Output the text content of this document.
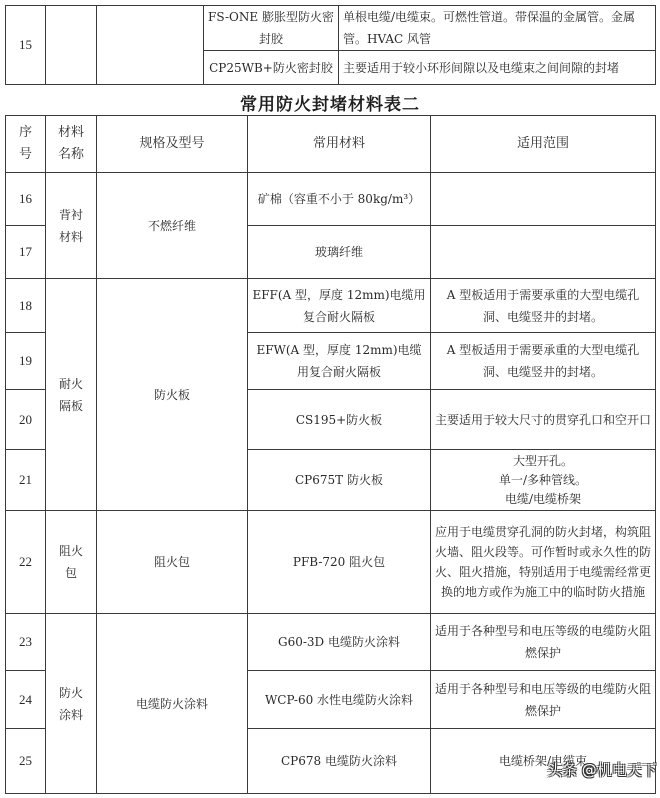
15			FS-ONE 膨胀型防火密封胶	单根电缆/电缆束。可燃性管道。带保温的金属管。金属管。HVAC 风管
			CP25WB+防火密封胶	主要适用于较小环形间隙以及电缆束之间间隙的封堵
常用防火封堵材料表二
序号	材料名称	规格及型号	常用材料	适用范围
16	背衬材料	不燃纤维	矿棉（容重不小于 80kg/m³）	
17			玻璃纤维	
18	耐火隔板	防火板	EFF(A 型，厚度 12mm)电缆用复合耐火隔板	A 型板适用于需要承重的大型电缆孔洞、电缆竖井的封堵。
19			EFW(A 型，厚度 12mm)电缆用复合耐火隔板	A 型板适用于需要承重的大型电缆孔洞、电缆竖井的封堵。
20			CS195+防火板	主要适用于较大尺寸的贯穿孔口和空开口
21			CP675T 防火板	大型开孔。
单一/多种管线。
电缆/电缆桥架

22	阻火包	阻火包	PFB-720 阻火包	应用于电缆贯穿孔洞的防火封堵，构筑阻火墙、阻火段等。可作暂时或永久性的防火、阻火措施，特别适用于电缆需经常更换的地方或作为施工中的临时防火措施
23	防火涂料	电缆防火涂料	G60-3D 电缆防火涂料	适用于各种型号和电压等级的电缆防火阻燃保护
24			WCP-60 水性电缆防火涂料	适用于各种型号和电压等级的电缆防火阻燃保护
25			CP678 电缆防火涂料	电缆桥架/电缆束
头条 @机电天下
